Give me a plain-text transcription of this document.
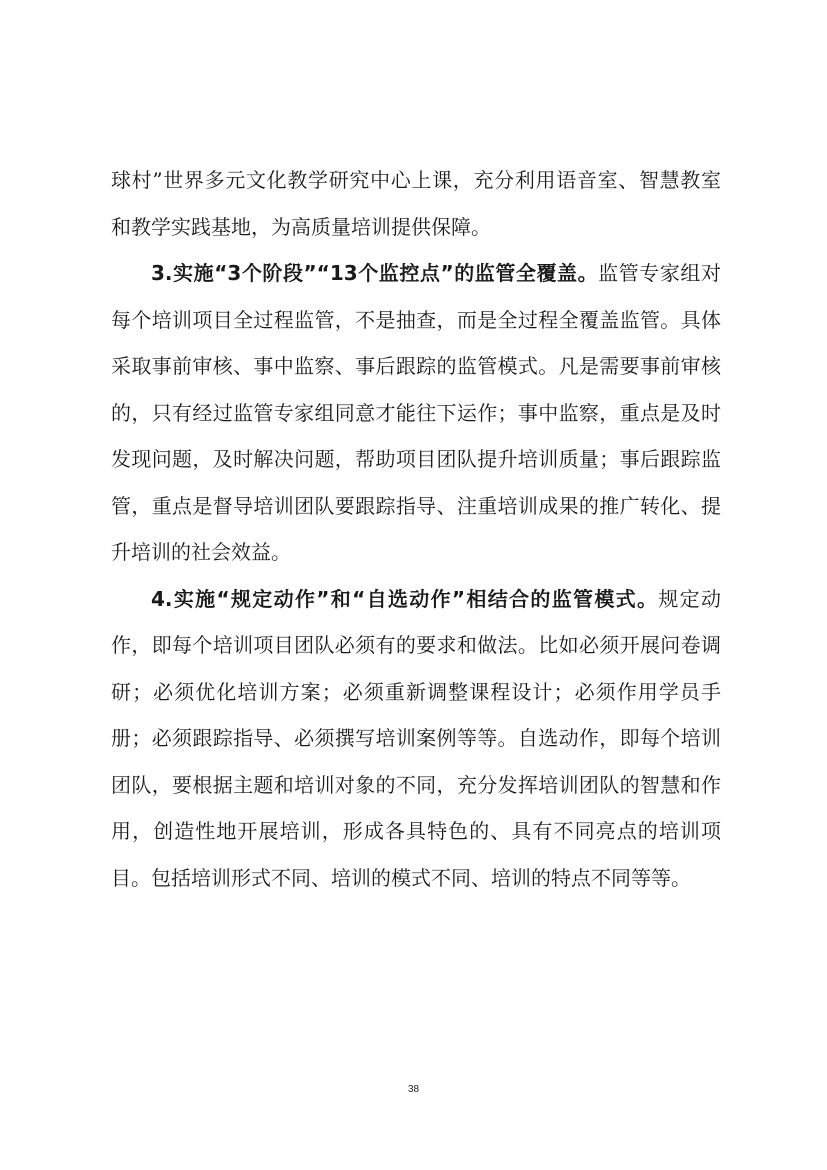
球村”世界多元文化教学研究中心上课，充分利用语音室、智慧教室和教学实践基地，为高质量培训提供保障。

3.实施“3个阶段”“13个监控点”的监管全覆盖。监管专家组对每个培训项目全过程监管，不是抽查，而是全过程全覆盖监管。具体采取事前审核、事中监察、事后跟踪的监管模式。凡是需要事前审核的，只有经过监管专家组同意才能往下运作；事中监察，重点是及时发现问题，及时解决问题，帮助项目团队提升培训质量；事后跟踪监管，重点是督导培训团队要跟踪指导、注重培训成果的推广转化、提升培训的社会效益。

4.实施“规定动作”和“自选动作”相结合的监管模式。规定动作，即每个培训项目团队必须有的要求和做法。比如必须开展问卷调研；必须优化培训方案；必须重新调整课程设计；必须作用学员手册；必须跟踪指导、必须撰写培训案例等等。自选动作，即每个培训团队，要根据主题和培训对象的不同，充分发挥培训团队的智慧和作用，创造性地开展培训，形成各具特色的、具有不同亮点的培训项目。包括培训形式不同、培训的模式不同、培训的特点不同等等。

38
